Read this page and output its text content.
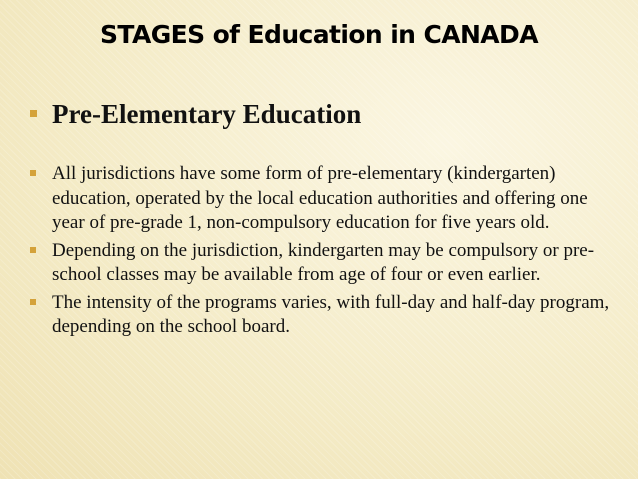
STAGES of Education in CANADA
Pre-Elementary Education
All jurisdictions have some form of pre-elementary (kindergarten) education, operated by the local education authorities and offering one year of pre-grade 1, non-compulsory education for five years old.
Depending on the jurisdiction, kindergarten may be compulsory or pre-school classes may be available from age of four or even earlier.
The intensity of the programs varies, with full-day and half-day program, depending on the school board.
